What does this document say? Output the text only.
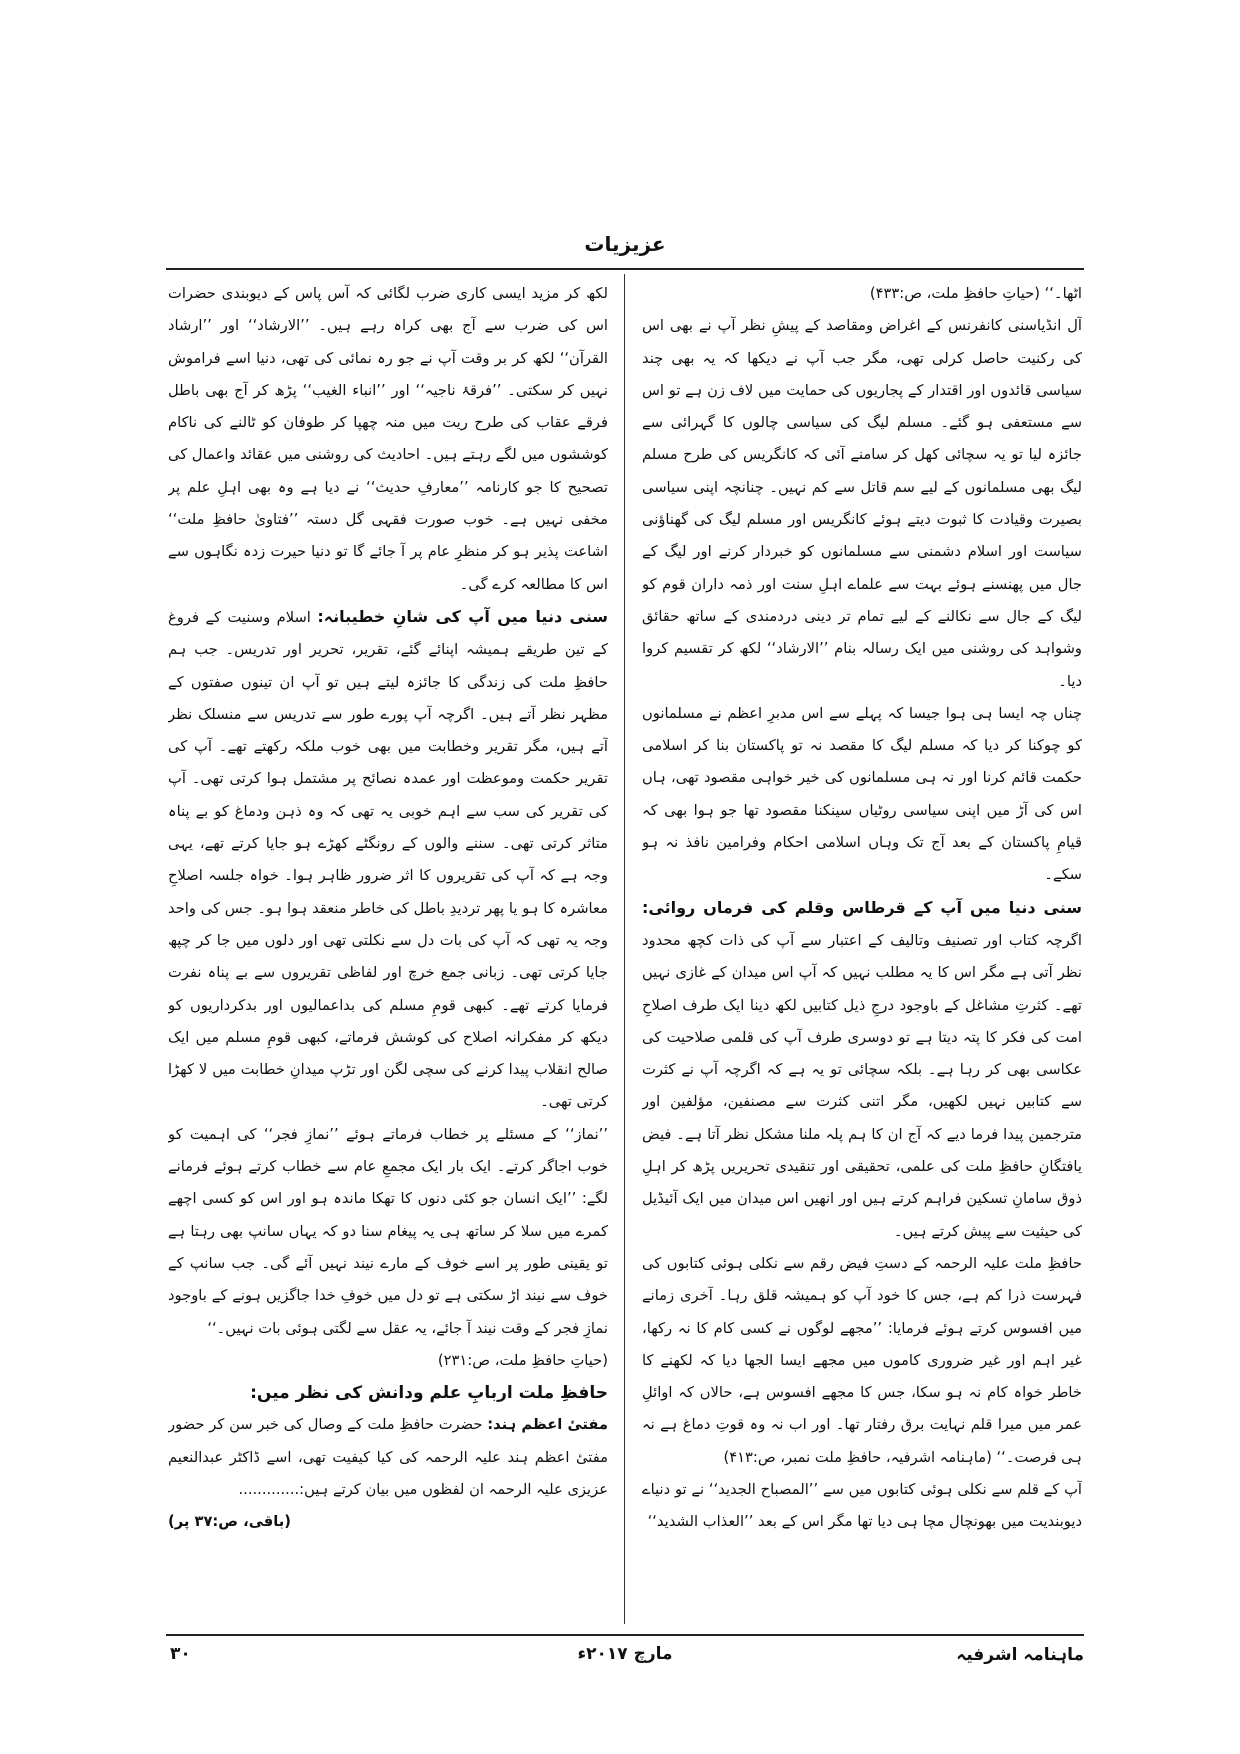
عزیزیات

اٹھا۔‘‘ (حیاتِ حافظِ ملت، ص:۴۳۳)

آل انڈیاسنی کانفرنس کے اغراض ومقاصد کے پیشِ نظر آپ نے بھی اس کی رکنیت حاصل کرلی تھی، مگر جب آپ نے دیکھا کہ یہ بھی چند سیاسی قائدوں اور اقتدار کے پجاریوں کی حمایت میں لاف زن ہے تو اس سے مستعفی ہو گئے۔ مسلم لیگ کی سیاسی چالوں کا گہرائی سے جائزہ لیا تو یہ سچائی کھل کر سامنے آئی کہ کانگریس کی طرح مسلم لیگ بھی مسلمانوں کے لیے سم قاتل سے کم نہیں۔ چنانچہ اپنی سیاسی بصیرت وقیادت کا ثبوت دیتے ہوئے کانگریس اور مسلم لیگ کی گھناؤنی سیاست اور اسلام دشمنی سے مسلمانوں کو خبردار کرنے اور لیگ کے جال میں پھنسنے ہوئے بہت سے علماے اہلِ سنت اور ذمہ داران قوم کو لیگ کے جال سے نکالنے کے لیے تمام تر دینی دردمندی کے ساتھ حقائق وشواہد کی روشنی میں ایک رسالہ بنام ’’الارشاد‘‘ لکھ کر تقسیم کروا دیا۔

چناں چہ ایسا ہی ہوا جیسا کہ پہلے سے اس مدبرِ اعظم نے مسلمانوں کو چوکنا کر دیا کہ مسلم لیگ کا مقصد نہ تو پاکستان بنا کر اسلامی حکمت قائم کرنا اور نہ ہی مسلمانوں کی خیر خواہی مقصود تھی، ہاں اس کی آڑ میں اپنی سیاسی روٹیاں سینکنا مقصود تھا جو ہوا بھی کہ قیامِ پاکستان کے بعد آج تک وہاں اسلامی احکام وفرامین نافذ نہ ہو سکے۔

سنی دنیا میں آپ کے قرطاس وقلم کی فرماں روائی: اگرچہ کتاب اور تصنیف وتالیف کے اعتبار سے آپ کی ذات کچھ محدود نظر آتی ہے مگر اس کا یہ مطلب نہیں کہ آپ اس میدان کے غازی نہیں تھے۔ کثرتِ مشاغل کے باوجود درجِ ذیل کتابیں لکھ دینا ایک طرف اصلاحِ امت کی فکر کا پتہ دیتا ہے تو دوسری طرف آپ کی قلمی صلاحیت کی عکاسی بھی کر رہا ہے۔ بلکہ سچائی تو یہ ہے کہ اگرچہ آپ نے کثرت سے کتابیں نہیں لکھیں، مگر اتنی کثرت سے مصنفین، مؤلفین اور مترجمین پیدا فرما دیے کہ آج ان کا ہم پلہ ملنا مشکل نظر آتا ہے۔ فیض یافتگانِ حافظِ ملت کی علمی، تحقیقی اور تنقیدی تحریریں پڑھ کر اہلِ ذوق سامانِ تسکین فراہم کرتے ہیں اور انھیں اس میدان میں ایک آئیڈیل کی حیثیت سے پیش کرتے ہیں۔

حافظِ ملت علیہ الرحمہ کے دستِ فیض رقم سے نکلی ہوئی کتابوں کی فہرست ذرا کم ہے، جس کا خود آپ کو ہمیشہ قلق رہا۔ آخری زمانے میں افسوس کرتے ہوئے فرمایا: ’’مجھے لوگوں نے کسی کام کا نہ رکھا، غیر اہم اور غیر ضروری کاموں میں مجھے ایسا الجھا دیا کہ لکھنے کا خاطر خواہ کام نہ ہو سکا، جس کا مجھے افسوس ہے، حالاں کہ اوائلِ عمر میں میرا قلم نہایت برق رفتار تھا۔ اور اب نہ وہ قوتِ دماغ ہے نہ ہی فرصت۔‘‘ (ماہنامہ اشرفیہ، حافظِ ملت نمبر، ص:۴۱۳)

آپ کے قلم سے نکلی ہوئی کتابوں میں سے ’’المصباح الجدید‘‘ نے تو دنیاے دیوبندیت میں بھونچال مچا ہی دیا تھا مگر اس کے بعد ’’العذاب الشدید‘‘

لکھ کر مزید ایسی کاری ضرب لگائی کہ آس پاس کے دیوبندی حضرات اس کی ضرب سے آج بھی کراہ رہے ہیں۔ ’’الارشاد‘‘ اور ’’ارشاد القرآن‘‘ لکھ کر بر وقت آپ نے جو رہ نمائی کی تھی، دنیا اسے فراموش نہیں کر سکتی۔ ’’فرقۂ ناجیہ‘‘ اور ’’انباء الغیب‘‘ پڑھ کر آج بھی باطل فرقے عقاب کی طرح ریت میں منہ چھپا کر طوفان کو ٹالنے کی ناکام کوششوں میں لگے رہتے ہیں۔ احادیث کی روشنی میں عقائد واعمال کی تصحیح کا جو کارنامہ ’’معارفِ حدیث‘‘ نے دیا ہے وہ بھی اہلِ علم پر مخفی نہیں ہے۔ خوب صورت فقہی گل دستہ ’’فتاویٰ حافظِ ملت‘‘ اشاعت پذیر ہو کر منظرِ عام پر آ جائے گا تو دنیا حیرت زدہ نگاہوں سے اس کا مطالعہ کرے گی۔

سنی دنیا میں آپ کی شانِ خطیبانہ: اسلام وسنیت کے فروغ کے تین طریقے ہمیشہ اپنائے گئے، تقریر، تحریر اور تدریس۔ جب ہم حافظِ ملت کی زندگی کا جائزہ لیتے ہیں تو آپ ان تینوں صفتوں کے مظہر نظر آتے ہیں۔ اگرچہ آپ پورے طور سے تدریس سے منسلک نظر آتے ہیں، مگر تقریر وخطابت میں بھی خوب ملکہ رکھتے تھے۔ آپ کی تقریر حکمت وموعظت اور عمدہ نصائح پر مشتمل ہوا کرتی تھی۔ آپ کی تقریر کی سب سے اہم خوبی یہ تھی کہ وہ ذہن ودماغ کو بے پناہ متاثر کرتی تھی۔ سننے والوں کے رونگٹے کھڑے ہو جایا کرتے تھے، یہی وجہ ہے کہ آپ کی تقریروں کا اثر ضرور ظاہر ہوا۔ خواہ جلسہ اصلاحِ معاشرہ کا ہو یا پھر تردیدِ باطل کی خاطر منعقد ہوا ہو۔ جس کی واحد وجہ یہ تھی کہ آپ کی بات دل سے نکلتی تھی اور دلوں میں جا کر چپھ جایا کرتی تھی۔ زبانی جمع خرچ اور لفاظی تقریروں سے بے پناہ نفرت فرمایا کرتے تھے۔ کبھی قومِ مسلم کی بداعمالیوں اور بدکرداریوں کو دیکھ کر مفکرانہ اصلاح کی کوشش فرماتے، کبھی قومِ مسلم میں ایک صالح انقلاب پیدا کرنے کی سچی لگن اور تڑپ میدانِ خطابت میں لا کھڑا کرتی تھی۔

’’نماز‘‘ کے مسئلے پر خطاب فرماتے ہوئے ’’نمازِ فجر‘‘ کی اہمیت کو خوب اجاگر کرتے۔ ایک بار ایک مجمعِ عام سے خطاب کرتے ہوئے فرمانے لگے: ’’ایک انسان جو کئی دنوں کا تھکا ماندہ ہو اور اس کو کسی اچھے کمرے میں سلا کر ساتھ ہی یہ پیغام سنا دو کہ یہاں سانپ بھی رہتا ہے تو یقینی طور پر اسے خوف کے مارے نیند نہیں آئے گی۔ جب سانپ کے خوف سے نیند اڑ سکتی ہے تو دل میں خوفِ خدا جاگزیں ہونے کے باوجود نمازِ فجر کے وقت نیند آ جائے، یہ عقل سے لگتی ہوئی بات نہیں۔‘‘

(حیاتِ حافظِ ملت، ص:۲۳۱)

حافظِ ملت اربابِ علم ودانش کی نظر میں:

مفتیٔ اعظم ہند: حضرت حافظِ ملت کے وصال کی خبر سن کر حضور مفتیٔ اعظم ہند علیہ الرحمہ کی کیا کیفیت تھی، اسے ڈاکٹر عبدالنعیم عزیزی علیہ الرحمہ ان لفظوں میں بیان کرتے ہیں:.............

(باقی، ص:۳۷ پر)

ماہنامہ اشرفیہ
مارچ ۲۰۱۷ء
۳۰
